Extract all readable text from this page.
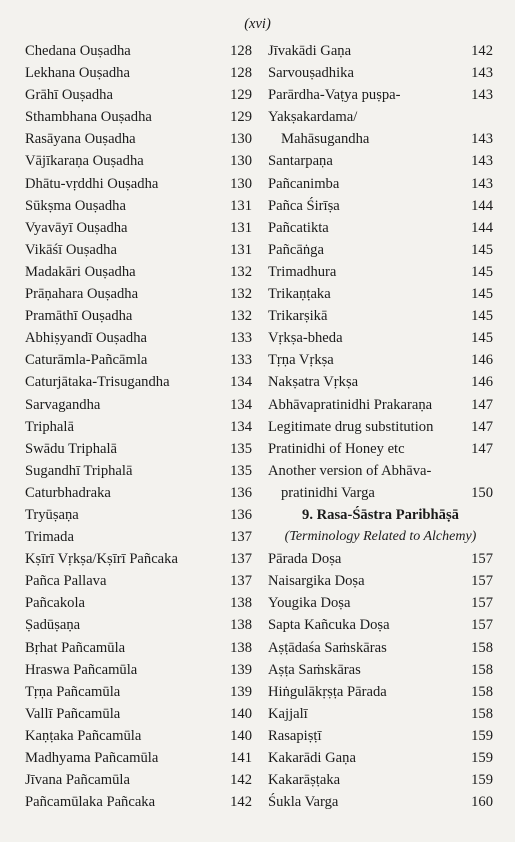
(xvi)
Chedana Ouṣadha	128
Lekhana Ouṣadha	128
Grāhī Ouṣadha	129
Sthambhana Ouṣadha	129
Rasāyana Ouṣadha	130
Vājīkaraṇa Ouṣadha	130
Dhātu-vṛddhi Ouṣadha	130
Sūkṣma Ouṣadha	131
Vyavāyī Ouṣadha	131
Vikāśī Ouṣadha	131
Madakāri Ouṣadha	132
Prāṇahara Ouṣadha	132
Pramāthī Ouṣadha	132
Abhiṣyandī Ouṣadha	133
Caturāmla-Pañcāmla	133
Caturjātaka-Trisugandha	134
Sarvagandha	134
Triphalā	134
Swādu Triphalā	135
Sugandhī Triphalā	135
Caturbhadraka	136
Tryūṣaṇa	136
Trimada	137
Kṣīrī Vṛkṣa/Kṣīrī Pañcaka	137
Pañca Pallava	137
Pañcakola	138
Ṣadūṣaṇa	138
Bṛhat Pañcamūla	138
Hraswa Pañcamūla	139
Tṛṇa Pañcamūla	139
Vallī Pañcamūla	140
Kaṇṭaka Pañcamūla	140
Madhyama Pañcamūla	141
Jīvana Pañcamūla	142
Pañcamūlaka Pañcaka	142
Jīvakādi Gaṇa	142
Sarvouṣadhika	143
Parārdha-Vaṭya puṣpa-	143
Yakṣakardama/
Mahāsugandha	143
Santarpaṇa	143
Pañcanimba	143
Pañca Śirīṣa	144
Pañcatikta	144
Pañcāṅga	145
Trimadhura	145
Trikaṇṭaka	145
Trikarṣikā	145
Vṛkṣa-bheda	145
Tṛṇa Vṛkṣa	146
Nakṣatra Vṛkṣa	146
Abhāvapratinidhi Prakaraṇa	147
Legitimate drug substitution	147
Pratinidhi of Honey etc	147
Another version of Abhāva-
pratinidhi Varga	150
9. Rasa-Śāstra Paribhāṣā
(Terminology Related to Alchemy)
Pārada Doṣa	157
Naisargika Doṣa	157
Yougika Doṣa	157
Sapta Kañcuka Doṣa	157
Aṣṭādaśa Saṁskāras	158
Aṣṭa Saṁskāras	158
Hiṅgulākṛṣṭa Pārada	158
Kajjalī	158
Rasapiṣṭī	159
Kakarādi Gaṇa	159
Kakarāṣṭaka	159
Śukla Varga	160
